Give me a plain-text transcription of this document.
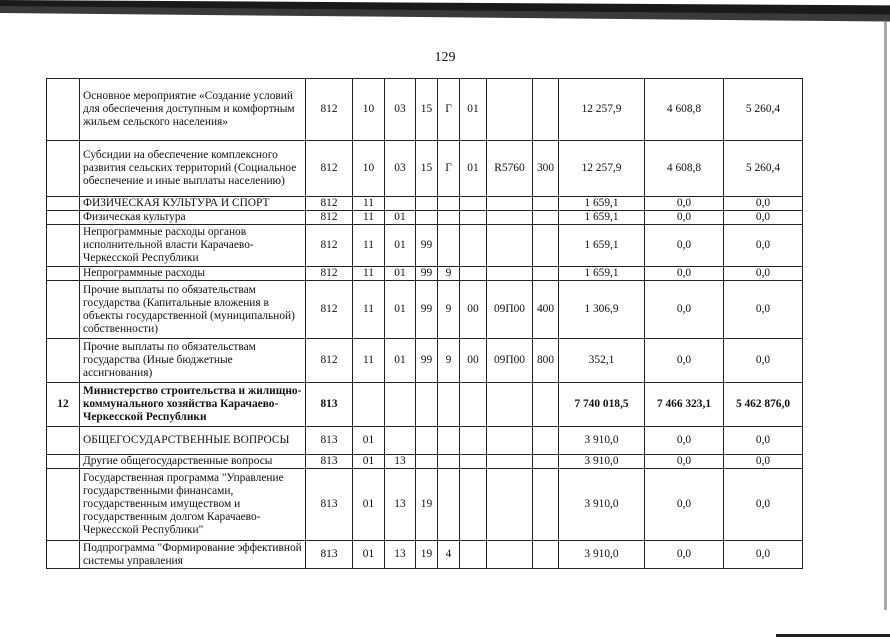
129
	Основное мероприятие «Создание условий для обеспечения доступным и комфортным жильем сельского населения»	812	10	03	15	Г	01			12 257,9	4 608,8	5 260,4
	Субсидии на обеспечение комплексного развития сельских территорий (Социальное обеспечение и иные выплаты населению)	812	10	03	15	Г	01	R5760	300	12 257,9	4 608,8	5 260,4
	ФИЗИЧЕСКАЯ КУЛЬТУРА И СПОРТ	812	11							1 659,1	0,0	0,0
	Физическая культура	812	11	01						1 659,1	0,0	0,0
	Непрограммные расходы органов исполнительной власти Карачаево-Черкесской Республики	812	11	01	99					1 659,1	0,0	0,0
	Непрограммные расходы	812	11	01	99	9				1 659,1	0,0	0,0
	Прочие выплаты по обязательствам государства (Капитальные вложения в объекты государственной (муниципальной) собственности)	812	11	01	99	9	00	09П00	400	1 306,9	0,0	0,0
	Прочие выплаты по обязательствам государства (Иные бюджетные ассигнования)	812	11	01	99	9	00	09П00	800	352,1	0,0	0,0
12	Министерство строительства и жилищно-коммунального хозяйства Карачаево-Черкесской Республики	813								7 740 018,5	7 466 323,1	5 462 876,0
	ОБЩЕГОСУДАРСТВЕННЫЕ ВОПРОСЫ	813	01							3 910,0	0,0	0,0
	Другие общегосударственные вопросы	813	01	13						3 910,0	0,0	0,0
	Государственная программа "Управление государственными финансами, государственным имуществом и государственным долгом Карачаево-Черкесской Республики"	813	01	13	19					3 910,0	0,0	0,0
	Подпрограмма "Формирование эффективной системы управления	813	01	13	19	4				3 910,0	0,0	0,0
